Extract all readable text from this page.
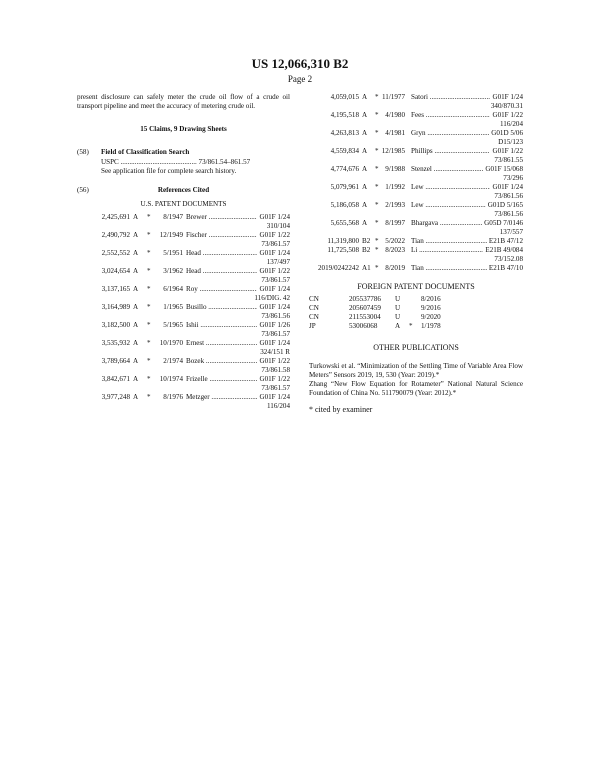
US 12,066,310 B2
Page 2

present disclosure can safely meter the crude oil flow of a crude oil transport pipeline and meet the accuracy of metering crude oil.

15 Claims, 9 Drawing Sheets
(58) Field of Classification Search
USPC ........................................... 73/861.54–861.57
See application file for complete search history.
(56)	References Cited
U.S. PATENT DOCUMENTS
2,425,691 A *	8/1947 Brewer .....	G01F 1/24
310/104
2,490,792 A *	12/1949 Fischer .....	G01F 1/22
73/861.57
2,552,552 A *	5/1951 Head .....	G01F 1/24
137/497
3,024,654 A *	3/1962 Head .....	G01F 1/22
73/861.57
3,137,165 A *	6/1964 Roy .....	G01F 1/24
116/DIG. 42
3,164,989 A *	1/1965 Busillo .....	G01F 1/24
73/861.56
3,182,500 A *	5/1965 Ishii .....	G01F 1/26
73/861.57
3,535,932 A *	10/1970 Ernest .....	G01F 1/24
324/151 R
3,789,664 A *	2/1974 Bozek .....	G01F 1/22
73/861.58
3,842,671 A *	10/1974 Frizelle .....	G01F 1/22
73/861.57
3,977,248 A *	8/1976 Metzger .....	G01F 1/24
116/204
4,059,015 A * 11/1977 Satori .....	G01F 1/24
340/870.31
4,195,518 A * 4/1980 Fees .....	G01F 1/22
116/204
4,263,813 A * 4/1981 Gryn .....	G01D 5/06
D15/123
4,559,834 A * 12/1985 Phillips .....	G01F 1/22
73/861.55
4,774,676 A * 9/1988 Stenzel .....	G01F 15/068
73/296
5,079,961 A * 1/1992 Lew .....	G01F 1/24
73/861.56
5,186,058 A * 2/1993 Lew .....	G01D 5/165
73/861.56
5,655,568 A * 8/1997 Bhargava .....	G05D 7/0146
137/557
11,319,800 B2 * 5/2022 Tian .....	E21B 47/12
11,725,508 B2 * 8/2023 Li .....	E21B 49/084
73/152.08
2019/0242242 A1 * 8/2019 Tian .....	E21B 47/10
FOREIGN PATENT DOCUMENTS
CN	205537786 U	8/2016
CN	205607459 U	9/2016
CN	211553004 U	9/2020
JP	53006068 A * 1/1978
OTHER PUBLICATIONS

Turkowski et al. “Minimization of the Settling Time of Variable Area Flow Meters” Sensors 2019, 19, 530 (Year: 2019).*

Zhang “New Flow Equation for Rotameter” National Natural Science Foundation of China No. 511790079 (Year: 2012).*

* cited by examiner
